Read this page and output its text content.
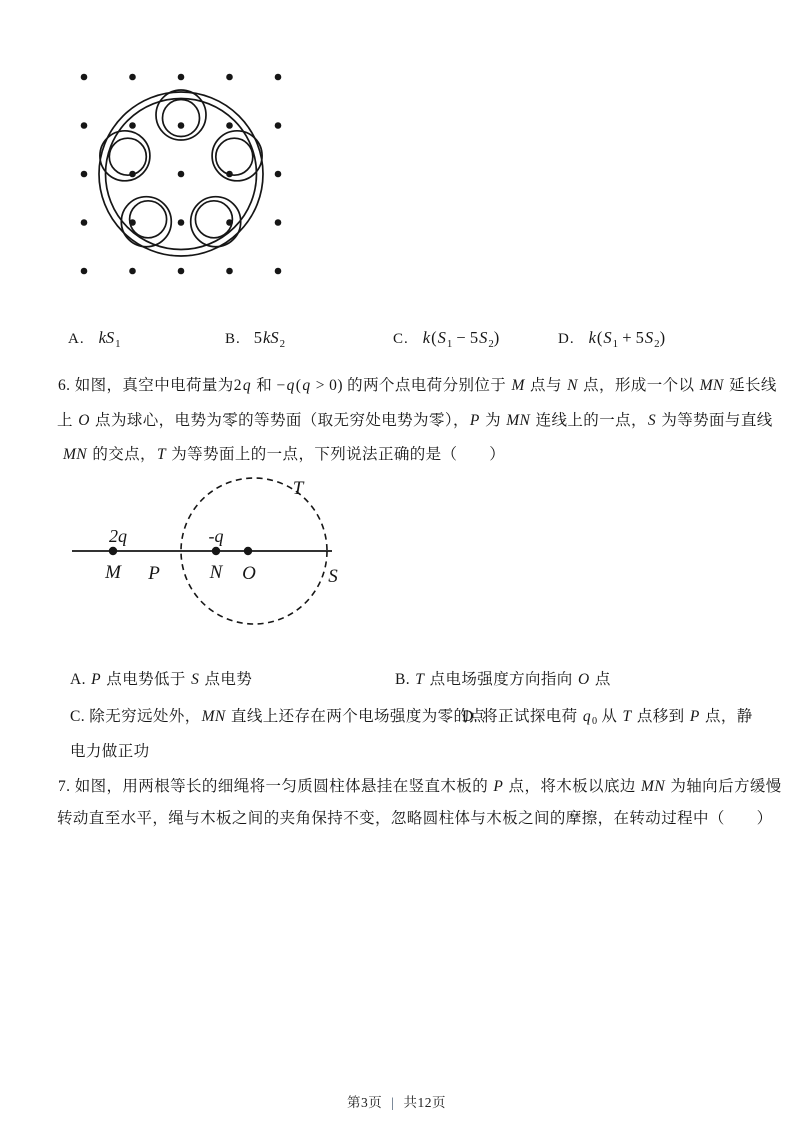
A. $kS_1$	B. $5kS_2$	C. $k(S_1 - 5S_2)$	D. $k(S_1 + 5S_2)$
6. 如图，真空中电荷量为2q 和 −q(q > 0) 的两个点电荷分别位于 M 点与 N 点，形成一个以 MN 延长线
上 O 点为球心，电势为零的等势面（取无穷处电势为零），P 为 MN 连线上的一点，S 为等势面与直线
MN 的交点，T 为等势面上的一点，下列说法正确的是（　　）
2q	-q
M P	N O	S
T
A. P 点电势低于 S 点电势	B. T 点电场强度方向指向 O 点
C. 除无穷远处外，MN 直线上还存在两个电场强度为零的点
D. 将正试探电荷 $q_0$ 从 T 点移到 P 点，静
电力做正功
7. 如图，用两根等长的细绳将一匀质圆柱体悬挂在竖直木板的 P 点，将木板以底边 MN 为轴向后方缓慢
转动直至水平，绳与木板之间的夹角保持不变，忽略圆柱体与木板之间的摩擦，在转动过程中（　　）
第3页 | 共12页
